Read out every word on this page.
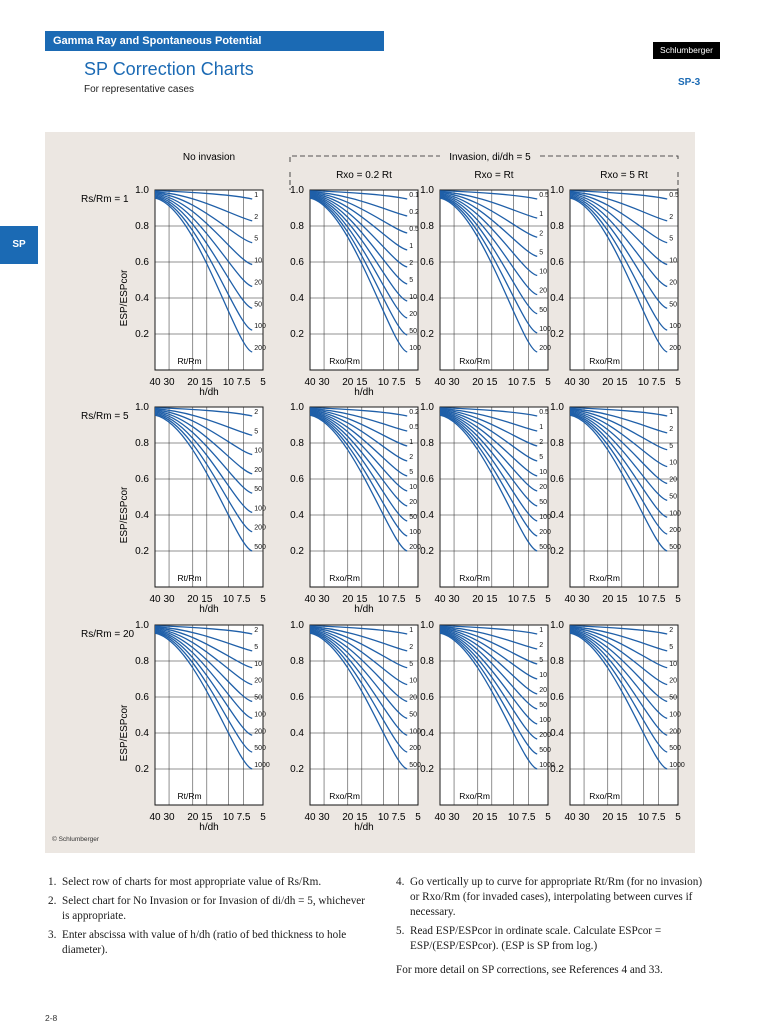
Gamma Ray and Spontaneous Potential
Schlumberger
SP Correction Charts
For representative cases
SP-3
SP
No invasion	Invasion, di/dh = 5
Rxo = 0.2 Rt	Rxo = Rt	Rxo = 5 Rt
Rs/Rm = 1
ESP/ESPcor
1.0
0.8
0.6
0.4
0.2
40 30 20 15 10 7.5 5
h/dh
1
2
5
10
20
50
100
200
Rt/Rm
1.0
0.8
0.6
0.4
0.2
40 30 20 15 10 7.5 5
h/dh
0.1
0.2
0.5
1
2
5
10
20
50
100
Rxo/Rm
1.0
0.8
0.6
0.4
0.2
40 30 20 15 10 7.5 5
0.5
1
2
5
10
20
50
100
200
Rxo/Rm
1.0
0.8
0.6
0.4
0.2
40 30 20 15 10 7.5 5
0.5
2
5
10
20
50
100
200
Rxo/Rm
Rs/Rm = 5
ESP/ESPcor
1.0
0.8
0.6
0.4
0.2
40 30 20 15 10 7.5 5
h/dh
2
5
10
20
50
100
200
500
Rt/Rm
1.0
0.8
0.6
0.4
0.2
40 30 20 15 10 7.5 5
h/dh
0.2
0.5
1
2
5
10
20
50
100
200
Rxo/Rm
1.0
0.8
0.6
0.4
0.2
40 30 20 15 10 7.5 5
0.5
1
2
5
10
20
50
100
200
500
Rxo/Rm
1.0
0.8
0.6
0.4
0.2
40 30 20 15 10 7.5 5
1
2
5
10
20
50
100
200
500
Rxo/Rm
Rs/Rm = 20
ESP/ESPcor
1.0
0.8
0.6
0.4
0.2
40 30 20 15 10 7.5 5
h/dh
2
5
10
20
50
100
200
500
1000
Rt/Rm
1.0
0.8
0.6
0.4
0.2
40 30 20 15 10 7.5 5
h/dh
1
2
5
10
20
50
100
200
500
Rxo/Rm
1.0
0.8
0.6
0.4
0.2
40 30 20 15 10 7.5 5
1
2
5
10
20
50
100
200
500
1000
Rxo/Rm
1.0
0.8
0.6
0.4
0.2
40 30 20 15 10 7.5 5
2
5
10
20
50
100
200
500
1000
Rxo/Rm
© Schlumberger
1. Select row of charts for most appropriate value of Rs/Rm.
2. Select chart for No Invasion or for Invasion of di/dh = 5, whichever is appropriate.
3. Enter abscissa with value of h/dh (ratio of bed thickness to hole diameter).
4. Go vertically up to curve for appropriate Rt/Rm (for no invasion) or Rxo/Rm (for invaded cases), interpolating between curves if necessary.
5. Read ESP/ESPcor in ordinate scale. Calculate ESPcor = ESP/(ESP/ESPcor). (ESP is SP from log.)
For more detail on SP corrections, see References 4 and 33.
2-8
